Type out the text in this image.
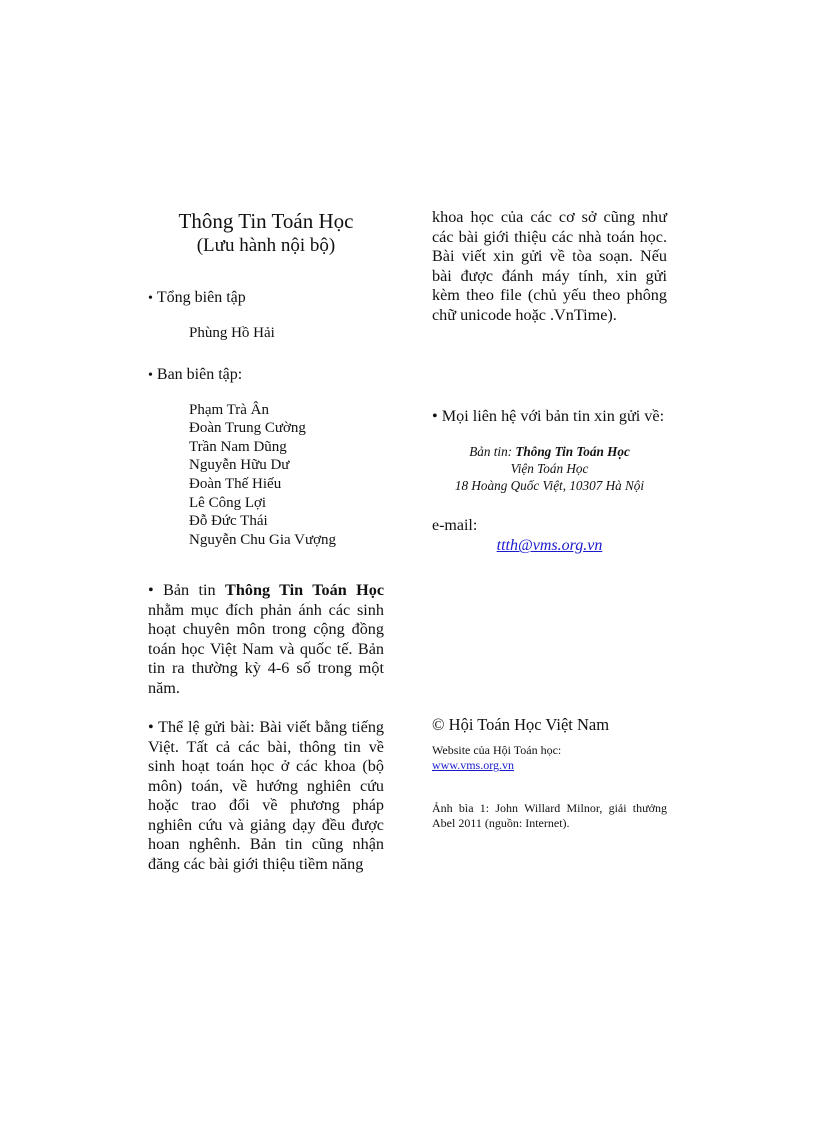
Thông Tin Toán Học
(Lưu hành nội bộ)
• Tổng biên tập
Phùng Hồ Hải
• Ban biên tập:
Phạm Trà Ân
Đoàn Trung Cường
Trần Nam Dũng
Nguyễn Hữu Dư
Đoàn Thế Hiếu
Lê Công Lợi
Đỗ Đức Thái
Nguyễn Chu Gia Vượng
• Bản tin Thông Tin Toán Học nhằm mục đích phản ánh các sinh hoạt chuyên môn trong cộng đồng toán học Việt Nam và quốc tế. Bản tin ra thường kỳ 4-6 số trong một năm.
• Thể lệ gửi bài: Bài viết bằng tiếng Việt. Tất cả các bài, thông tin về sinh hoạt toán học ở các khoa (bộ môn) toán, về hướng nghiên cứu hoặc trao đổi về phương pháp nghiên cứu và giảng dạy đều được hoan nghênh. Bản tin cũng nhận đăng các bài giới thiệu tiềm năng
khoa học của các cơ sở cũng như các bài giới thiệu các nhà toán học. Bài viết xin gửi về tòa soạn. Nếu bài được đánh máy tính, xin gửi kèm theo file (chủ yếu theo phông chữ unicode hoặc .VnTime).
• Mọi liên hệ với bản tin xin gửi về:
Bản tin: Thông Tin Toán Học
Viện Toán Học
18 Hoàng Quốc Việt, 10307 Hà Nội
e-mail:
ttth@vms.org.vn
© Hội Toán Học Việt Nam
Website của Hội Toán học:
www.vms.org.vn
Ảnh bìa 1: John Willard Milnor, giải thưởng Abel 2011 (nguồn: Internet).
